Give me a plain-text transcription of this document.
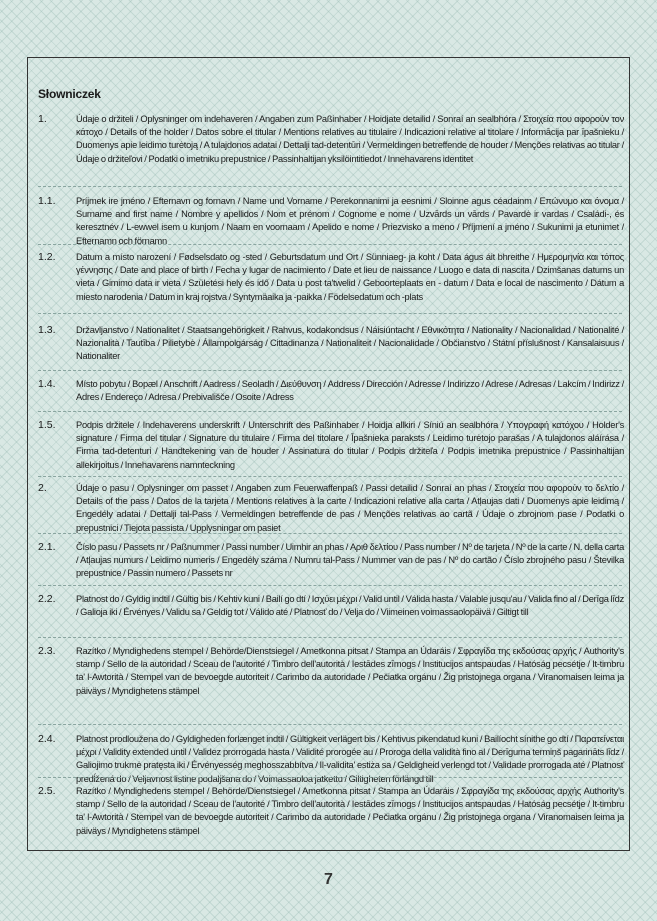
Słowniczek
1.	Údaje o držiteli / Oplysninger om indehaveren / Angaben zum Paßinhaber / Hoidjate detailid / Sonraí an sealbhóra / Στοιχεία που αφορούν τον κάτοχο / Details of the holder / Datos sobre el titular / Mentions relatives au titulaire / Indicazioni relative al titolare / Informācija par īpašnieku / Duomenys apie leidimo turėtoją / A tulajdonos adatai / Dettalji tad-detentūri / Vermeldingen betreffende de houder / Menções relativas ao titular / Údaje o držiteľovi / Podatki o imetniku prepustnice / Passinhaltijan yksilöintitiedot / Innehavarens identitet
1.1.	Príjmek ire jméno / Efternavn og fornavn / Name und Vorname / Perekonnanimi ja eesnimi / Sloinne agus céadainm / Επώνυμο και όνομα / Surname and first name / Nombre y apellidos / Nom et prénom / Cognome e nome / Uzvārds un vārds / Pavardė ir vardas / Családi-, és keresztnév / L-ewwel isem u kunjom / Naam en voornaam / Apelido e nome / Priezvisko a meno / Příjmení a jméno / Sukunimi ja etunimet / Efternamn och förnamn
1.2.	Datum a místo narození / Fødselsdato og -sted / Geburtsdatum und Ort / Sünniaeg- ja koht / Data águs áit bhreithe / Ημερομηνία και τόπος γέννησης / Date and place of birth / Fecha y lugar de nacimiento / Date et lieu de naissance / Luogo e data di nascita / Dzimšanas datums un vieta / Gimimo data ir vieta / Születési hely és idő / Data u post ta'twelid / Geboorteplaats en - datum / Data e local de nascimento / Dátum a miesto narodenia / Datum in kraj rojstva / Syntymäaika ja -paikka / Födelsedatum och -plats
1.3.	Državljanstvo / Nationalitet / Staatsangehörigkeit / Rahvus, kodakondsus / Náisiúntacht / Εθνικότητα / Nationality / Nacionalidad / Nationalité / Nazionalità / Tautība / Pilietybė / Állampolgárság / Cittadinanza / Nationaliteit / Nacionalidade / Občianstvo / Státní příslušnost / Kansalaisuus / Nationaliter
1.4.	Místo pobytu / Bopæl / Anschrift / Aadress / Seoladh / Διεύθυνση / Address / Dirección / Adresse / Indirizzo / Adrese / Adresas / Lakcím / Indirizz / Adres / Endereço / Adresa / Prebivališče / Osoite / Adress
1.5.	Podpis držitele / Indehaverens underskrift / Unterschrift des Paßinhaber / Hoidja allkiri / Síniú an sealbhóra / Υπογραφή κατόχου / Holder's signature / Firma del titular / Signature du titulaire / Firma del titolare / Īpašnieka paraksts / Leidimo turėtojo parašas / A tulajdonos aláírása / Firma tad-detenturi / Handtekening van de houder / Assinatura do titular / Podpis držiteľa / Podpis imetnika prepustnice / Passinhaltijan allekirjoitus / Innehavarens namnteckning
2.	Údaje o pasu / Oplysninger om passet / Angaben zum Feuerwaffenpaß / Passi detailid / Sonraí an phas / Στοιχεία που αφορούν το δελτίο / Details of the pass / Datos de la tarjeta / Mentions relatives à la carte / Indicazioni relative alla carta / Atļaujas dati / Duomenys apie leidimą / Engedély adatai / Dettalji tal-Pass / Vermeldingen betreffende de pas / Menções relativas ao cartã / Údaje o zbrojnom pase / Podatki o prepustnici / Tiejota passista / Upplysningar om pasiet
2.1.	Číslo pasu / Passets nr / Paßnummer / Passi number / Uimhir an phas / Αριθ δελτίου / Pass number / Nº de tarjeta / Nº de la carte / N. della carta / Atļaujas numurs / Leidimo numeris / Engedély száma / Numru tal-Pass / Nummer van de pas / Nº do cartão / Číslo zbrojného pasu / Številka prepustnice / Passin numero / Passets nr
2.2.	Platnost do / Gyldig indtil / Gültig bis / Kehtiv kuni / Bailí go dtí / Ισχύει μέχρι / Valid until / Válida hasta / Valable jusqu'au / Valida fino al / Derīga līdz / Galioja iki / Érvényes / Validu sa / Geldig tot / Válido até / Platnosť do / Velja do / Viimeinen voimassaolopäivä / Giltigt till
2.3.	Razítko / Myndighedens stempel / Behörde/Dienstsiegel / Ametkonna pitsat / Stampa an Údaráis / Σφραγίδα της εκδούσας αρχής / Authority's stamp / Sello de la autoridad / Sceau de l'autorité / Timbro dell'autorità / Iestādes zīmogs / Institucijos antspaudas / Hatóság pecsétje / It-timbru ta' l-Awtorità / Stempel van de bevoegde autoriteit / Carimbo da autoridade / Pečiatka orgánu / Žig pristojnega organa / Viranomaisen leima ja päiväys / Myndighetens stämpel
2.4.	Platnost prodloužena do / Gyldigheden forlænget indtil / Gültigkeit verlägert bis / Kehtivus pikendatud kuni / Bailíocht sínithe go dtí / Παρατείνεται μέχρι / Validity extended until / Validez prorrogada hasta / Validité prorogée au / Proroga della validità fino al / Derīguma termiņš pagarināts līdz / Galiojimo trukmė pratęsta iki / Érvényesség meghosszabbítva / Il-validita' estiża sa / Geldigheid verlengd tot / Validade prorrogada até / Platnosť predĺžená do / Veljavnost listine podaljšana do / Voimassaoloa jatkettu / Giltigheten förlängd till
2.5.	Razítko / Myndighedens stempel / Behörde/Dienstsiegel / Ametkonna pitsat / Stampa an Údaráis / Σφραγίδα της εκδούσας αρχής Authority's stamp / Sello de la autoridad / Sceau de l'autorité / Timbro dell'autorità / Iestādes zīmogs / Institucijos antspaudas / Hatóság pecsétje / It-timbru ta' l-Awtorità / Stempel van de bevoegde autoriteit / Carimbo da autoridade / Pečiatka orgánu / Žig pristojnega organa / Viranomaisen leima ja päiväys / Myndighetens stämpel
7
